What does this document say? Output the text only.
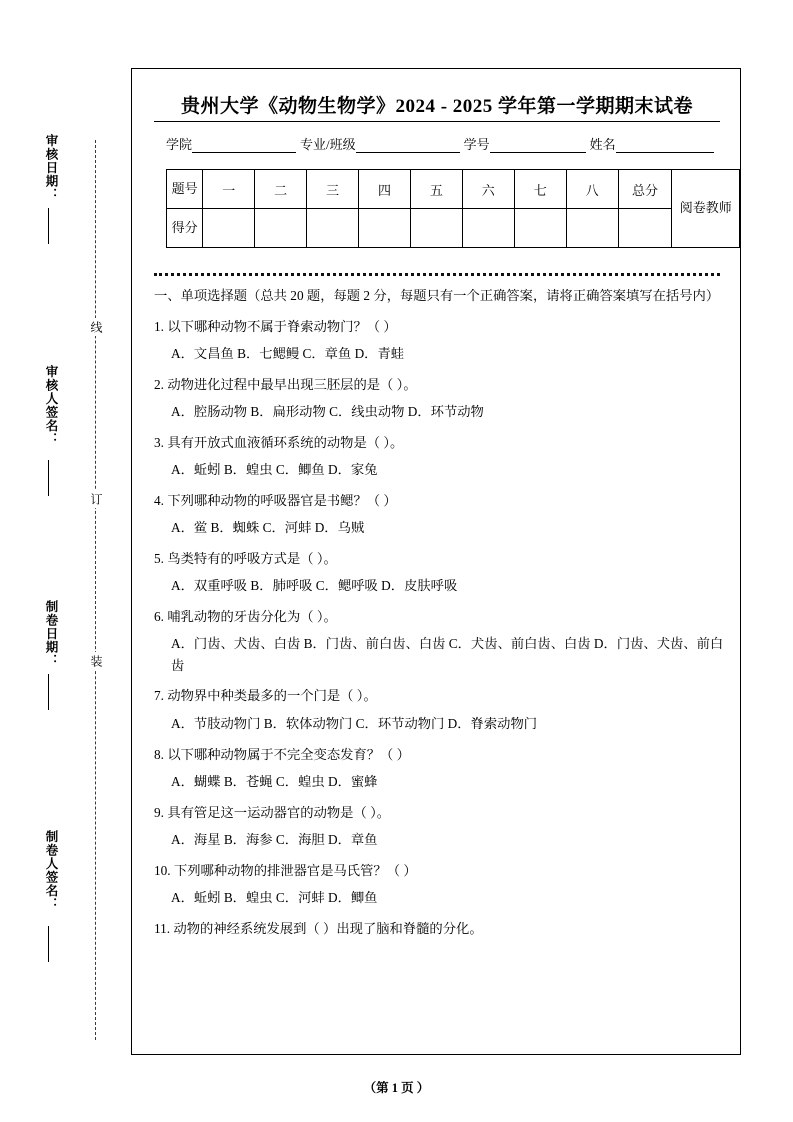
审核日期：
审核人签名：
制卷日期：
制卷人签名：
线
订
装
贵州大学《动物生物学》2024 - 2025 学年第一学期期末试卷
学院	专业/班级	学号	姓名
题号	一	二	三	四	五	六	七	八	总分	阅卷教师
得分										

一、单项选择题（总共 20 题，每题 2 分，每题只有一个正确答案，请将正确答案填写在括号内）

1. 以下哪种动物不属于脊索动物门？（ ）

A．文昌鱼 B．七鳃鳗 C．章鱼 D．青蛙

2. 动物进化过程中最早出现三胚层的是（ ）。

A．腔肠动物 B．扁形动物 C．线虫动物 D．环节动物

3. 具有开放式血液循环系统的动物是（ ）。

A．蚯蚓 B．蝗虫 C．鲫鱼 D．家兔

4. 下列哪种动物的呼吸器官是书鳃？（ ）

A．鲎 B．蜘蛛 C．河蚌 D．乌贼

5. 鸟类特有的呼吸方式是（ ）。

A．双重呼吸 B．肺呼吸 C．鳃呼吸 D．皮肤呼吸

6. 哺乳动物的牙齿分化为（ ）。

A．门齿、犬齿、白齿 B．门齿、前白齿、白齿 C．犬齿、前白齿、白齿 D．门齿、犬齿、前白齿

7. 动物界中种类最多的一个门是（ ）。

A．节肢动物门 B．软体动物门 C．环节动物门 D．脊索动物门

8. 以下哪种动物属于不完全变态发育？（ ）

A．蝴蝶 B．苍蝇 C．蝗虫 D．蜜蜂

9. 具有管足这一运动器官的动物是（ ）。

A．海星 B．海参 C．海胆 D．章鱼

10. 下列哪种动物的排泄器官是马氏管？（ ）

A．蚯蚓 B．蝗虫 C．河蚌 D．鲫鱼

11. 动物的神经系统发展到（ ）出现了脑和脊髓的分化。

（第 1 页 ）
